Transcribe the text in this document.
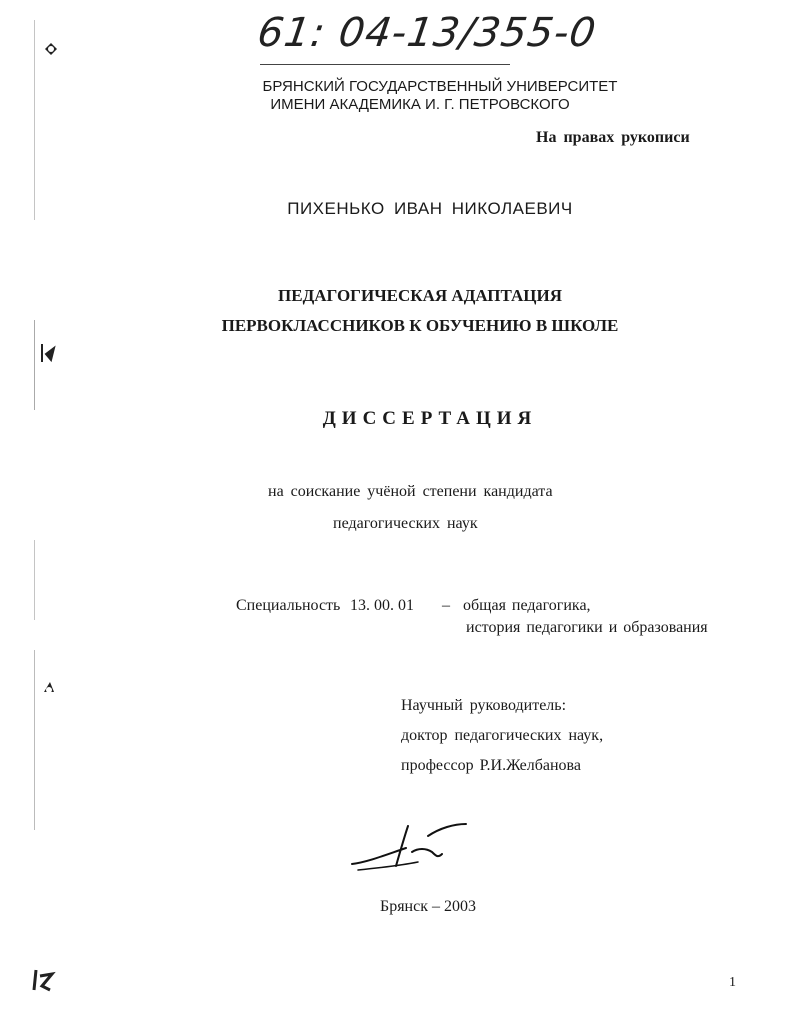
61: 04-13/355-0
БРЯНСКИЙ ГОСУДАРСТВЕННЫЙ УНИВЕРСИТЕТ
ИМЕНИ АКАДЕМИКА И. Г. ПЕТРОВСКОГО
На правах рукописи
ПИХЕНЬКО ИВАН НИКОЛАЕВИЧ
ПЕДАГОГИЧЕСКАЯ АДАПТАЦИЯ
ПЕРВОКЛАССНИКОВ К ОБУЧЕНИЮ В ШКОЛЕ
ДИССЕРТАЦИЯ
на соискание учёной степени кандидата
педагогических наук
Специальность 13. 00. 01 – общая педагогика,
история педагогики и образования
Научный руководитель:
доктор педагогических наук,
профессор Р.И.Желбанова
Брянск – 2003
1
